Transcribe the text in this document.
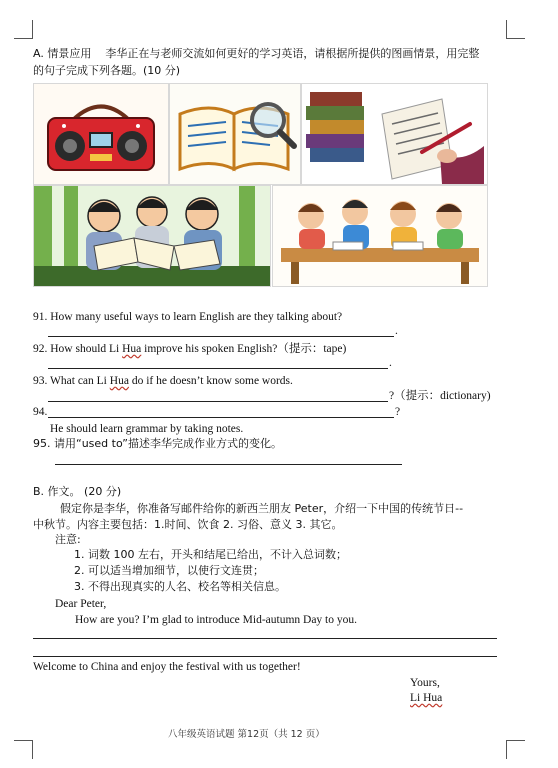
A. 情景应用 李华正在与老师交流如何更好的学习英语，请根据所提供的图画情景，用完整
的句子完成下列各题。(10 分)
91. How many useful ways to learn English are they talking about?
.
92. How should Li Hua improve his spoken English?（提示：tape)
.
93. What can Li Hua do if he doesn’t know some words.
?（提示：dictionary)
94.	?
He should learn grammar by taking notes.
95. 请用“used to”描述李华完成作业方式的变化。
B. 作文。 (20 分)
假定你是李华，你准备写邮件给你的新西兰朋友 Peter，介绍一下中国的传统节日--
中秋节。内容主要包括：1.时间、饮食 2. 习俗、意义 3. 其它。
注意:
1. 词数 100 左右，开头和结尾已给出，不计入总词数；
2. 可以适当增加细节，以使行文连贯；
3. 不得出现真实的人名、校名等相关信息。
Dear Peter,
How are you? I’m glad to introduce Mid-autumn Day to you.
Welcome to China and enjoy the festival with us together!
Yours,
Li Hua
八年级英语试题 第12页（共 12 页）
